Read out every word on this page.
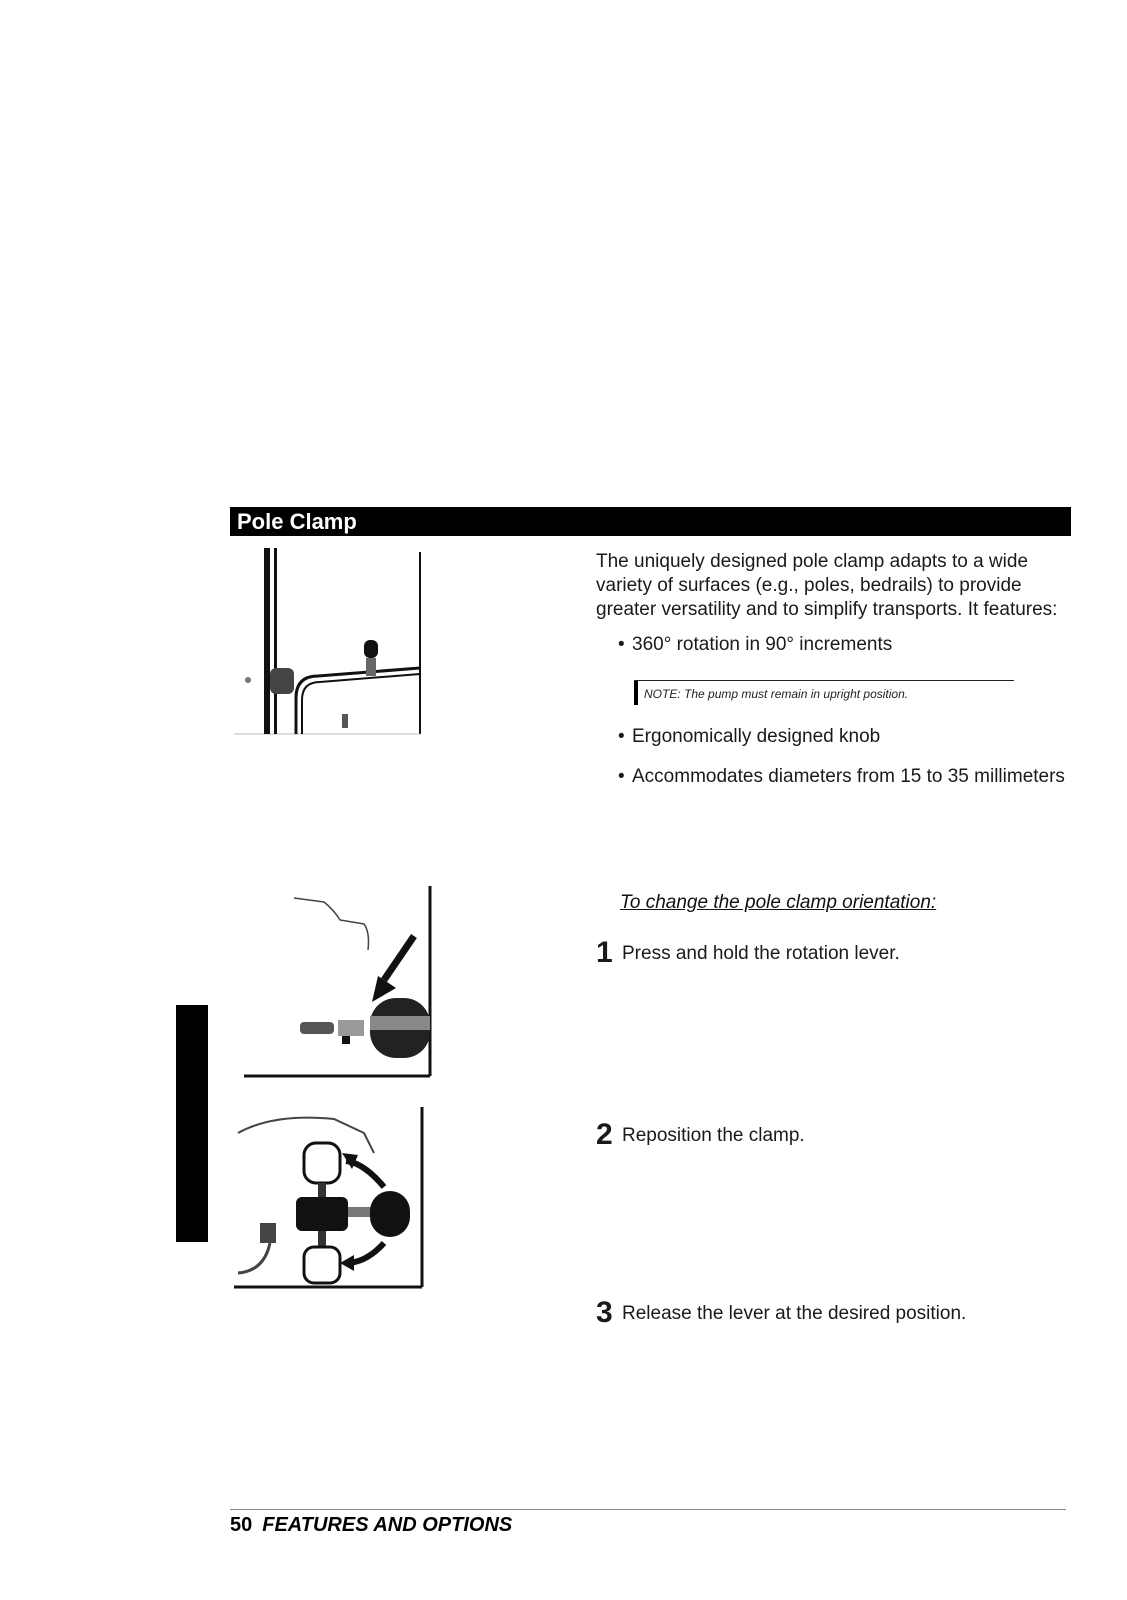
Pole Clamp
The uniquely designed pole clamp adapts to a wide variety of surfaces (e.g., poles, bedrails) to provide greater versatility and to simplify transports. It features:
• 360° rotation in 90° increments
NOTE: The pump must remain in upright position.
• Ergonomically designed knob
• Accommodates diameters from 15 to 35 millimeters
To change the pole clamp orientation:
1 Press and hold the rotation lever.
2 Reposition the clamp.
3 Release the lever at the desired position.
50 FEATURES AND OPTIONS
